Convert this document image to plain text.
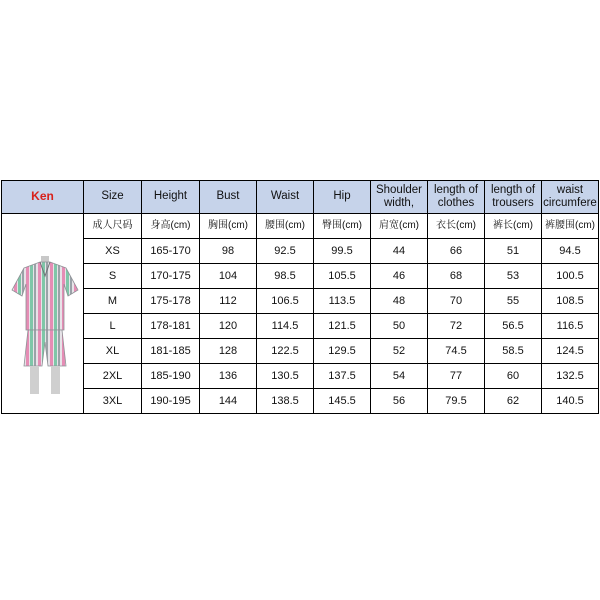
Ken	Size	Height	Bust	Waist	Hip	Shoulder width,	length of clothes	length of trousers	waist circumfere

	成人尺码	身高(cm)	胸围(cm)	腰围(cm)	臀围(cm)	肩宽(cm)	衣长(cm)	裤长(cm)	裤腰围(cm)
	XS	165-170	98	92.5	99.5	44	66	51	94.5
	S	170-175	104	98.5	105.5	46	68	53	100.5
	M	175-178	112	106.5	113.5	48	70	55	108.5
	L	178-181	120	114.5	121.5	50	72	56.5	116.5
	XL	181-185	128	122.5	129.5	52	74.5	58.5	124.5
	2XL	185-190	136	130.5	137.5	54	77	60	132.5
	3XL	190-195	144	138.5	145.5	56	79.5	62	140.5
